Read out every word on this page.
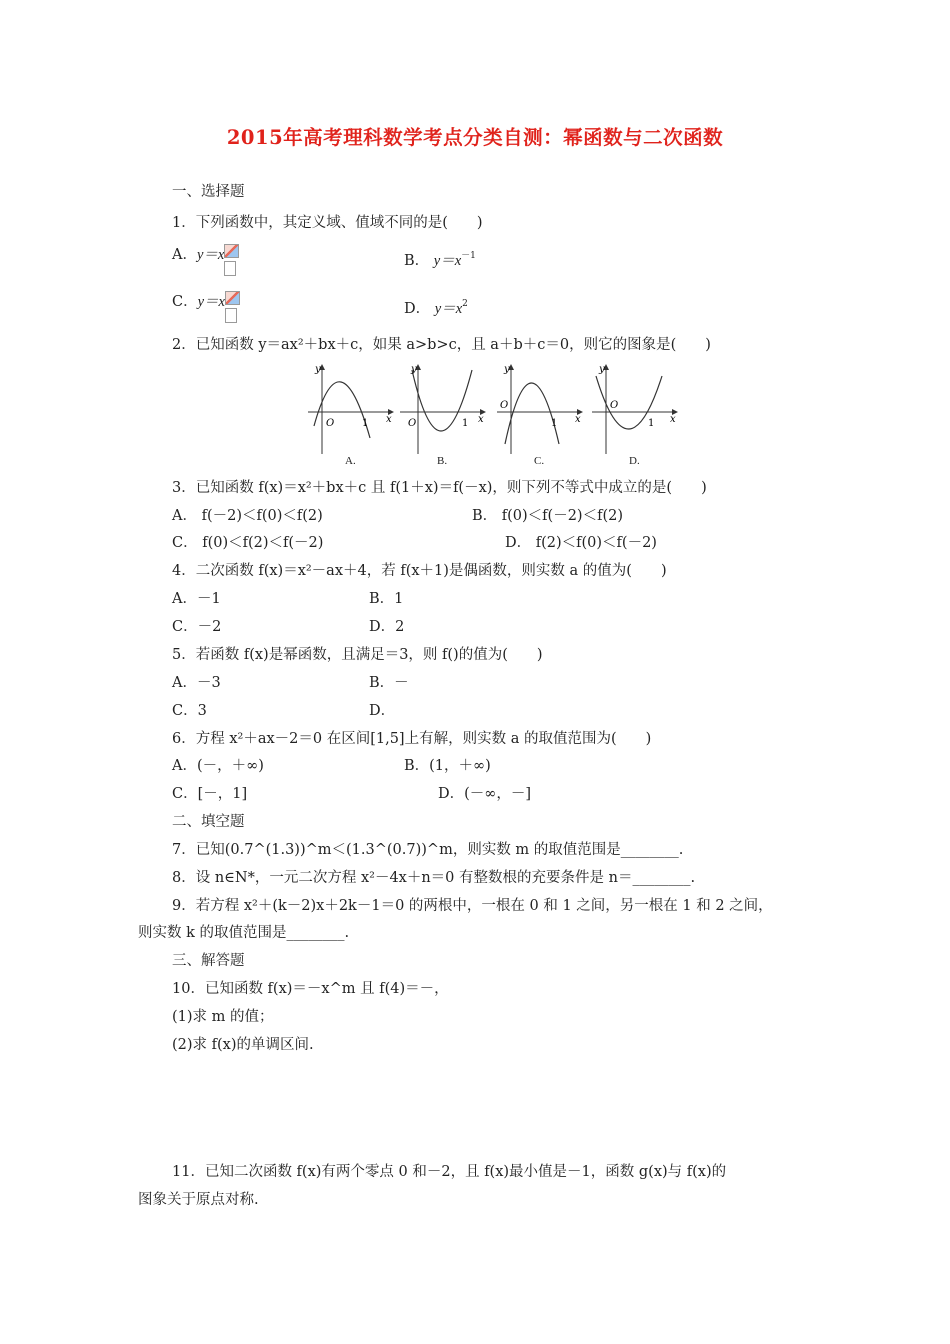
2015年高考理科数学考点分类自测：幂函数与二次函数
一、选择题
1．下列函数中，其定义域、值域不同的是(　　)
A．y＝x	B． $y=x^{-1}$
C．y＝x	D． $y=x^2$
2．已知函数 y＝ax²＋bx＋c，如果 a>b>c，且 a＋b＋c＝0，则它的图象是(　　)
y
x
O	1
A.
y
x
O	1
B.
y
x
O
1
C.
y
x
O
1
D.
3．已知函数 f(x)＝x²＋bx＋c 且 f(1＋x)＝f(－x)，则下列不等式中成立的是(　　)
A． f(－2)＜f(0)＜f(2)	B． f(0)＜f(－2)＜f(2)
C． f(0)＜f(2)＜f(－2)	D． f(2)＜f(0)＜f(－2)
4．二次函数 f(x)＝x²－ax＋4，若 f(x＋1)是偶函数，则实数 a 的值为(　　)
A．－1	B．1
C．－2	D．2
5．若函数 f(x)是幂函数，且满足＝3，则 f()的值为(　　)
A．－3	B．－
C．3	D．
6．方程 x²＋ax－2＝0 在区间[1,5]上有解，则实数 a 的取值范围为(　　)
A．(－，＋∞)	B．(1，＋∞)
C．[－，1]	D．(－∞，－]
二、填空题
7．已知(0.7^(1.3))^m＜(1.3^(0.7))^m，则实数 m 的取值范围是________.
8．设 n∈N*，一元二次方程 x²－4x＋n＝0 有整数根的充要条件是 n＝________.
9．若方程 x²＋(k－2)x＋2k－1＝0 的两根中，一根在 0 和 1 之间，另一根在 1 和 2 之间，
则实数 k 的取值范围是________.
三、解答题
10．已知函数 f(x)＝－x^m 且 f(4)＝－，
(1)求 m 的值；
(2)求 f(x)的单调区间.
11．已知二次函数 f(x)有两个零点 0 和－2，且 f(x)最小值是－1，函数 g(x)与 f(x)的
图象关于原点对称.
